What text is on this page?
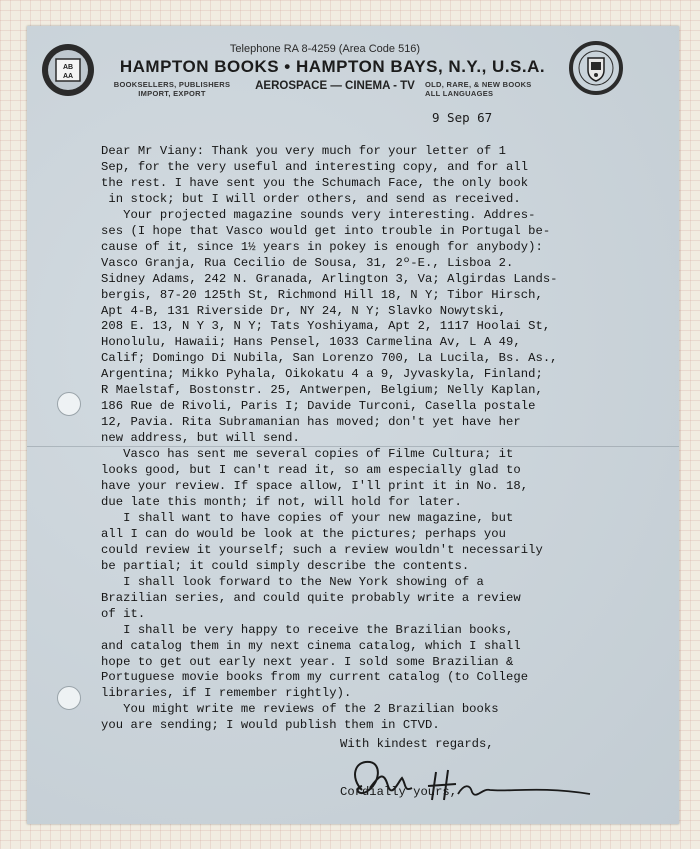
AB
AA
Telephone RA 8-4259 (Area Code 516)
HAMPTON BOOKS • HAMPTON BAYS, N.Y., U.S.A.
BOOKSELLERS, PUBLISHERS
IMPORT, EXPORT
AEROSPACE — CINEMA - TV	OLD, RARE, & NEW BOOKS
ALL LANGUAGES
9 Sep 67
Dear Mr Viany: Thank you very much for your letter of 1
Sep, for the very useful and interesting copy, and for all
the rest. I have sent you the Schumach Face, the only book
in stock; but I will order others, and send as received.
Your projected magazine sounds very interesting. Addres-
ses (I hope that Vasco would get into trouble in Portugal be-
cause of it, since 1½ years in pokey is enough for anybody):
Vasco Granja, Rua Cecilio de Sousa, 31, 2º-E., Lisboa 2.
Sidney Adams, 242 N. Granada, Arlington 3, Va; Algirdas Lands-
bergis, 87-20 125th St, Richmond Hill 18, N Y; Tibor Hirsch,
Apt 4-B, 131 Riverside Dr, NY 24, N Y; Slavko Nowytski,
208 E. 13, N Y 3, N Y; Tats Yoshiyama, Apt 2, 1117 Hoolai St,
Honolulu, Hawaii; Hans Pensel, 1033 Carmelina Av, L A 49,
Calif; Domingo Di Nubila, San Lorenzo 700, La Lucila, Bs. As.,
Argentina; Mikko Pyhala, Oikokatu 4 a 9, Jyvaskyla, Finland;
R Maelstaf, Bostonstr. 25, Antwerpen, Belgium; Nelly Kaplan,
186 Rue de Rivoli, Paris I; Davide Turconi, Casella postale
12, Pavia. Rita Subramanian has moved; don't yet have her
new address, but will send.
Vasco has sent me several copies of Filme Cultura; it
looks good, but I can't read it, so am especially glad to
have your review. If space allow, I'll print it in No. 18,
due late this month; if not, will hold for later.
I shall want to have copies of your new magazine, but
all I can do would be look at the pictures; perhaps you
could review it yourself; such a review wouldn't necessarily
be partial; it could simply describe the contents.
I shall look forward to the New York showing of a
Brazilian series, and could quite probably write a review
of it.
I shall be very happy to receive the Brazilian books,
and catalog them in my next cinema catalog, which I shall
hope to get out early next year. I sold some Brazilian &
Portuguese movie books from my current catalog (to College
libraries, if I remember rightly).
You might write me reviews of the 2 Brazilian books
you are sending; I would publish them in CTVD.

With kindest regards,

Cordially yours,
